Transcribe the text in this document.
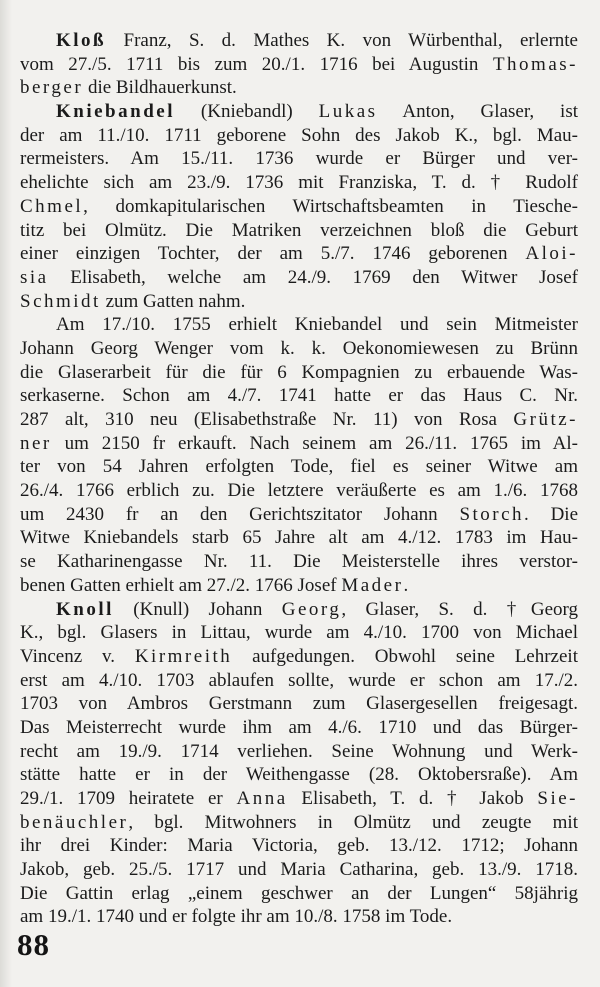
Kloß Franz, S. d. Mathes K. von Würbenthal, erlernte
vom 27./5. 1711 bis zum 20./1. 1716 bei Augustin Thomas-
berger die Bildhauerkunst.
Kniebandel (Kniebandl) Lukas Anton, Glaser, ist
der am 11./10. 1711 geborene Sohn des Jakob K., bgl. Mau-
rermeisters. Am 15./11. 1736 wurde er Bürger und ver-
ehelichte sich am 23./9. 1736 mit Franziska, T. d. † Rudolf
Chmel, domkapitularischen Wirtschaftsbeamten in Tiesche-
titz bei Olmütz. Die Matriken verzeichnen bloß die Geburt
einer einzigen Tochter, der am 5./7. 1746 geborenen Aloi-
sia Elisabeth, welche am 24./9. 1769 den Witwer Josef
Schmidt zum Gatten nahm.
Am 17./10. 1755 erhielt Kniebandel und sein Mitmeister
Johann Georg Wenger vom k. k. Oekonomiewesen zu Brünn
die Glaserarbeit für die für 6 Kompagnien zu erbauende Was-
serkaserne. Schon am 4./7. 1741 hatte er das Haus C. Nr.
287 alt, 310 neu (Elisabethstraße Nr. 11) von Rosa Grütz-
ner um 2150 fr erkauft. Nach seinem am 26./11. 1765 im Al-
ter von 54 Jahren erfolgten Tode, fiel es seiner Witwe am
26./4. 1766 erblich zu. Die letztere veräußerte es am 1./6. 1768
um 2430 fr an den Gerichtszitator Johann Storch. Die
Witwe Kniebandels starb 65 Jahre alt am 4./12. 1783 im Hau-
se Katharinengasse Nr. 11. Die Meisterstelle ihres verstor-
benen Gatten erhielt am 27./2. 1766 Josef Mader.
Knoll (Knull) Johann Georg, Glaser, S. d. †Georg
K., bgl. Glasers in Littau, wurde am 4./10. 1700 von Michael
Vincenz v. Kirmreith aufgedungen. Obwohl seine Lehrzeit
erst am 4./10. 1703 ablaufen sollte, wurde er schon am 17./2.
1703 von Ambros Gerstmann zum Glasergesellen freigesagt.
Das Meisterrecht wurde ihm am 4./6. 1710 und das Bürger-
recht am 19./9. 1714 verliehen. Seine Wohnung und Werk-
stätte hatte er in der Weithengasse (28. Oktobersraße). Am
29./1. 1709 heiratete er Anna Elisabeth, T. d. † Jakob Sie-
benäuchler, bgl. Mitwohners in Olmütz und zeugte mit
ihr drei Kinder: Maria Victoria, geb. 13./12. 1712; Johann
Jakob, geb. 25./5. 1717 und Maria Catharina, geb. 13./9. 1718.
Die Gattin erlag „einem geschwer an der Lungen“ 58jährig
am 19./1. 1740 und er folgte ihr am 10./8. 1758 im Tode.
88
